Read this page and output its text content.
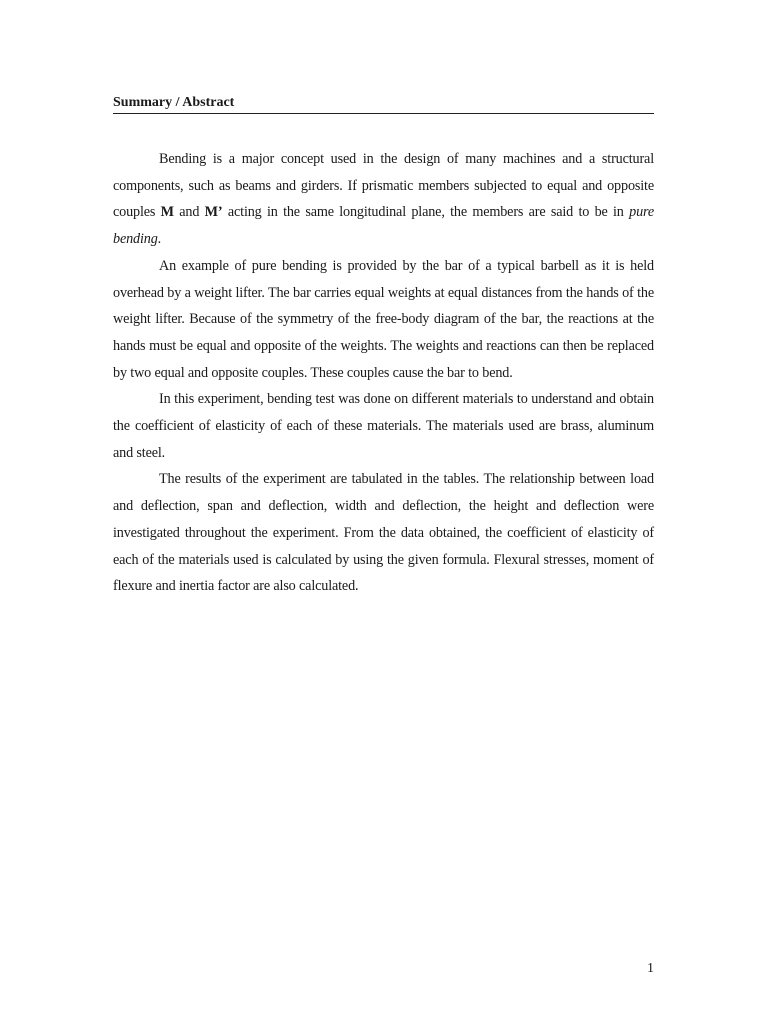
Summary / Abstract

Bending is a major concept used in the design of many machines and a structural components, such as beams and girders. If prismatic members subjected to equal and opposite couples M and M’ acting in the same longitudinal plane, the members are said to be in pure bending.

An example of pure bending is provided by the bar of a typical barbell as it is held overhead by a weight lifter. The bar carries equal weights at equal distances from the hands of the weight lifter. Because of the symmetry of the free-body diagram of the bar, the reactions at the hands must be equal and opposite of the weights. The weights and reactions can then be replaced by two equal and opposite couples. These couples cause the bar to bend.

In this experiment, bending test was done on different materials to understand and obtain the coefficient of elasticity of each of these materials. The materials used are brass, aluminum and steel.

The results of the experiment are tabulated in the tables. The relationship between load and deflection, span and deflection, width and deflection, the height and deflection were investigated throughout the experiment. From the data obtained, the coefficient of elasticity of each of the materials used is calculated by using the given formula. Flexural stresses, moment of flexure and inertia factor are also calculated.

1
